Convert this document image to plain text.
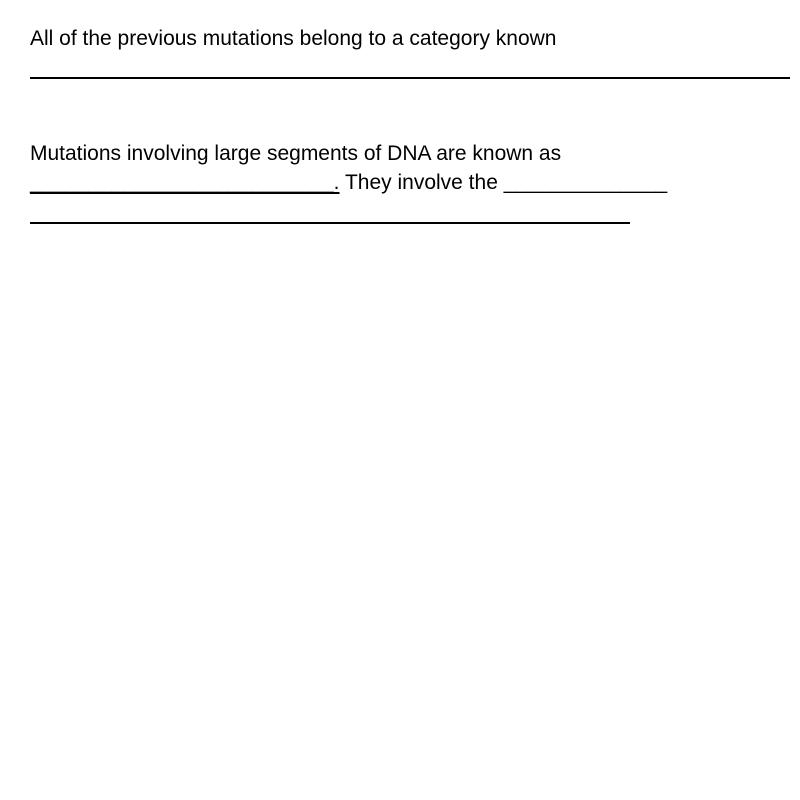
All of the previous mutations belong to a category known

Mutations involving large segments of DNA are known as

__________________________. They involve the ______________
